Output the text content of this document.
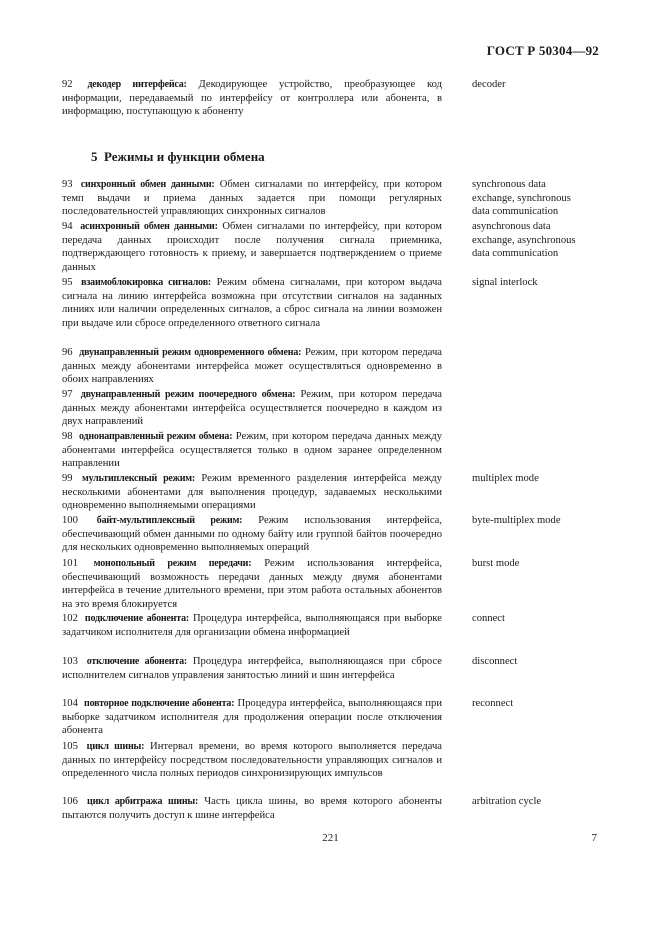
ГОСТ Р 50304—92
92 декодер интерфейса: Декодирующее устройство, преобразующее код информации, передаваемый по интерфейсу от контроллера или абонента, в информацию, поступающую к абоненту
decoder
5 Режимы и функции обмена
93 синхронный обмен данными: Обмен сигналами по интерфейсу, при котором темп выдачи и приема данных задается при помощи регулярных последовательностей управляющих синхронных сигналов
synchronous data
exchange, synchronous
data communication
94 асинхронный обмен данными: Обмен сигналами по интерфейсу, при котором передача данных происходит после получения сигнала приемника, подтверждающего готовность к приему, и завершается подтверждением о приеме данных
asynchronous data
exchange, asynchronous
data communication
95 взаимоблокировка сигналов: Режим обмена сигналами, при котором выдача сигнала на линию интерфейса возможна при отсутствии сигналов на заданных линиях или наличии определенных сигналов, а сброс сигнала на линии возможен при выдаче или сбросе определенного ответного сигнала
signal interlock
96 двунаправленный режим одновременного обмена: Режим, при котором передача данных между абонентами интерфейса может осуществляться одновременно в обоих направлениях
97 двунаправленный режим поочередного обмена: Режим, при котором передача данных между абонентами интерфейса осуществляется поочередно в каждом из двух направлений
98 однонаправленный режим обмена: Режим, при котором передача данных между абонентами интерфейса осуществляется только в одном заранее определенном направлении
99 мультиплексный режим: Режим временного разделения интерфейса между несколькими абонентами для выполнения процедур, задаваемых несколькими одновременно выполняемыми операциями
multiplex mode
100 байт-мультиплексный режим: Режим использования интерфейса, обеспечивающий обмен данными по одному байту или группой байтов поочередно для нескольких одновременно выполняемых операций
byte-multiplex mode
101 монопольный режим передачи: Режим использования интерфейса, обеспечивающий возможность передачи данных между двумя абонентами интерфейса в течение длительного времени, при этом работа остальных абонентов на это время блокируется
burst mode
102 подключение абонента: Процедура интерфейса, выполняющаяся при выборке задатчиком исполнителя для организации обмена информацией
connect
103 отключение абонента: Процедура интерфейса, выполняющаяся при сбросе исполнителем сигналов управления занятостью линий и шин интерфейса
disconnect
104 повторное подключение абонента: Процедура интерфейса, выполняющаяся при выборке задатчиком исполнителя для продолжения операции после отключения абонента
reconnect
105 цикл шины: Интервал времени, во время которого выполняется передача данных по интерфейсу посредством последовательности управляющих сигналов и определенного числа полных периодов синхронизирующих импульсов
106 цикл арбитража шины: Часть цикла шины, во время которого абоненты пытаются получить доступ к шине интерфейса
arbitration cycle
221	7
